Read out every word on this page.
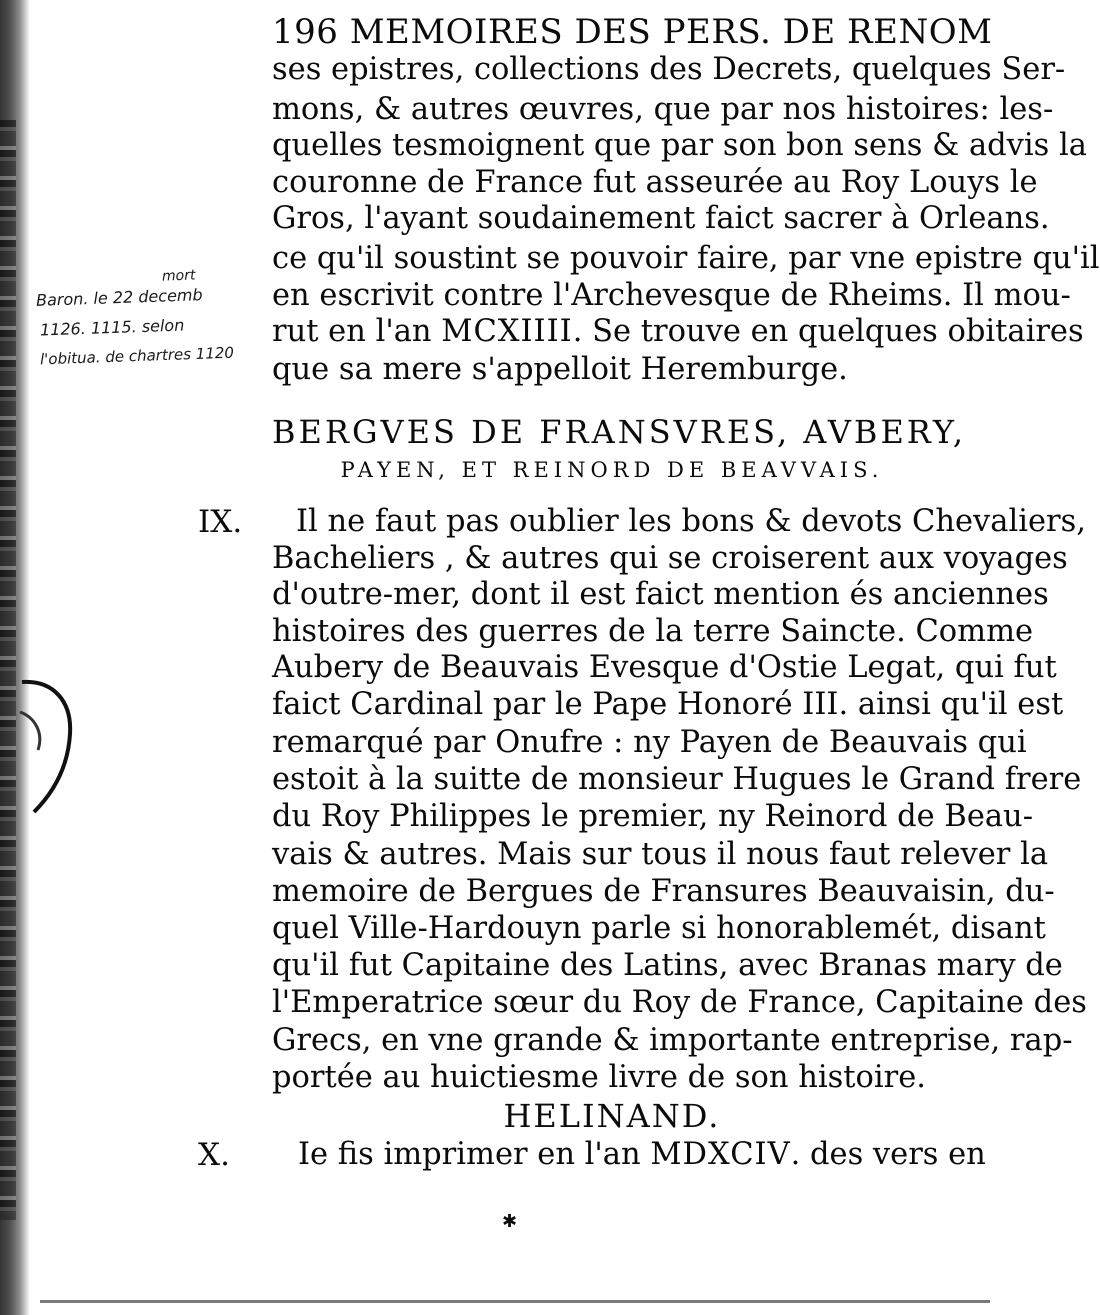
196 MEMOIRES DES PERS. DE RENOM
mort
Baron. le 22 decemb
1126. 1115. selon
l'obitua. de chartres 1120
ses epistres, collections des Decrets, quelques Ser-
mons, & autres œuvres, que par nos histoires: les-
quelles tesmoignent que par son bon sens & advis la
couronne de France fut asseurée au Roy Louys le
Gros, l'ayant soudainement faict sacrer à Orleans.
ce qu'il soustint se pouvoir faire, par vne epistre qu'il
en escrivit contre l'Archevesque de Rheims. Il mou-
rut en l'an MCXIIII. Se trouve en quelques obitaires
que sa mere s'appelloit Heremburge.
BERGVES DE FRANSVRES, AVBERY,
PAYEN, ET REINORD DE BEAVVAIS.
IX. Il ne faut pas oublier les bons & devots Chevaliers,
Bacheliers , & autres qui se croiserent aux voyages
d'outre-mer, dont il est faict mention és anciennes
histoires des guerres de la terre Saincte. Comme
Aubery de Beauvais Evesque d'Ostie Legat, qui fut
faict Cardinal par le Pape Honoré III. ainsi qu'il est
remarqué par Onufre : ny Payen de Beauvais qui
estoit à la suitte de monsieur Hugues le Grand frere
du Roy Philippes le premier, ny Reinord de Beau-
vais & autres. Mais sur tous il nous faut relever la
memoire de Bergues de Fransures Beauvaisin, du-
quel Ville-Hardouyn parle si honorablemét, disant
qu'il fut Capitaine des Latins, avec Branas mary de
l'Emperatrice sœur du Roy de France, Capitaine des
Grecs, en vne grande & importante entreprise, rap-
portée au huictiesme livre de son histoire.
HELINAND.
X. Ie fis imprimer en l'an MDXCIV. des vers en
✱
